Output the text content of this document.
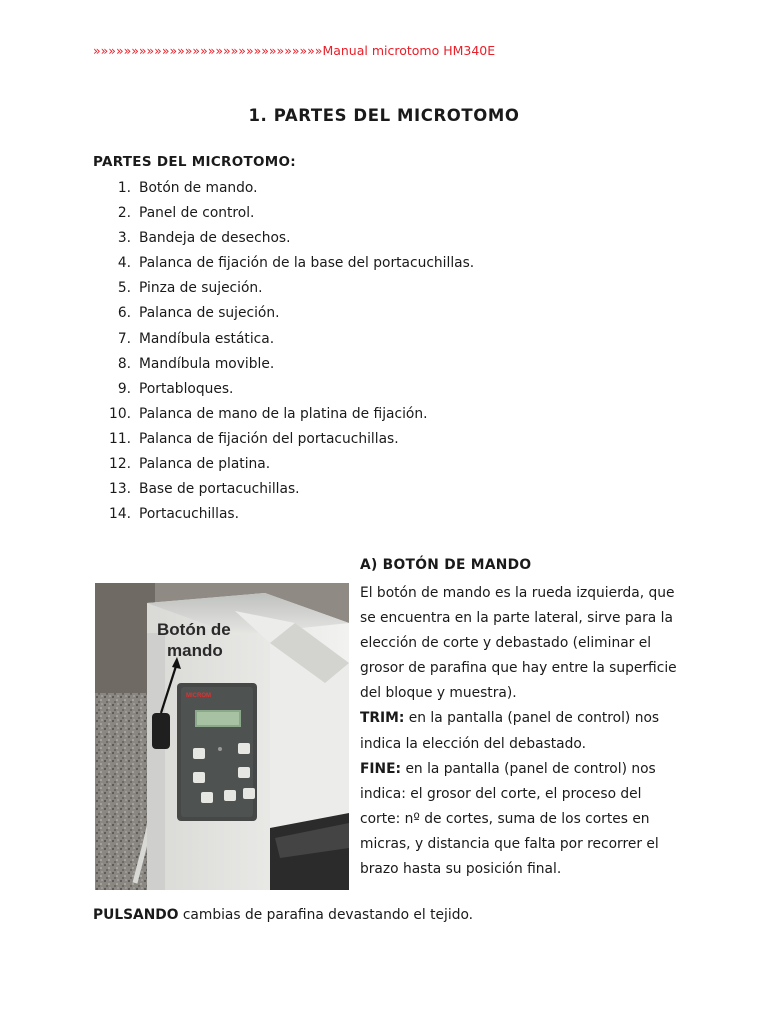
»»»»»»»»»»»»»»»»»»»»»»»»»»»»»»Manual microtomo HM340E
1. PARTES DEL MICROTOMO
PARTES DEL MICROTOMO:
1. Botón de mando.
2. Panel de control.
3. Bandeja de desechos.
4. Palanca de fijación de la base del portacuchillas.
5. Pinza de sujeción.
6. Palanca de sujeción.
7. Mandíbula estática.
8. Mandíbula movible.
9. Portabloques.
10. Palanca de mano de la platina de fijación.
11. Palanca de fijación del portacuchillas.
12. Palanca de platina.
13. Base de portacuchillas.
14. Portacuchillas.
A) BOTÓN DE MANDO

El botón de mando es la rueda izquierda, que se encuentra en la parte lateral, sirve para la elección de corte y debastado (eliminar el grosor de parafina que hay entre la superficie del bloque y muestra).

TRIM: en la pantalla (panel de control) nos indica la elección del debastado.

FINE: en la pantalla (panel de control) nos indica: el grosor del corte, el proceso del corte: nº de cortes, suma de los cortes en micras, y distancia que falta por recorrer el brazo hasta su posición final.

MICROM
Botón de
mando
PULSANDO cambias de parafina devastando el tejido.
